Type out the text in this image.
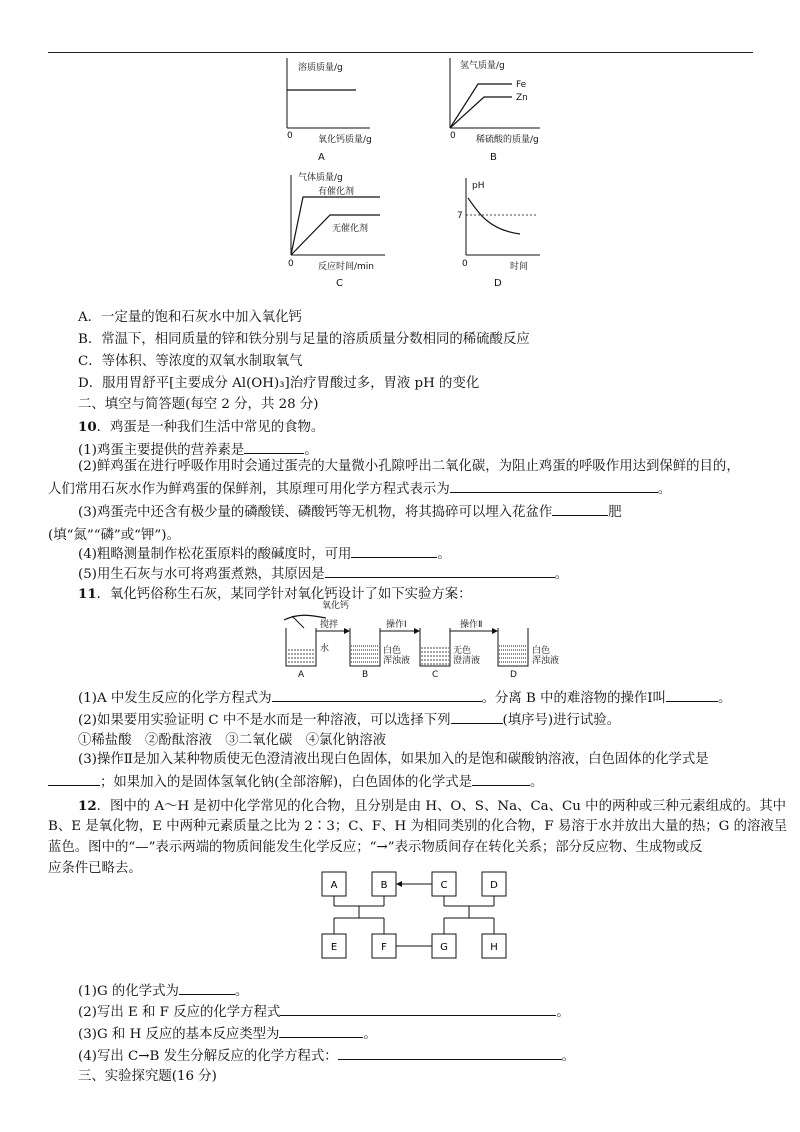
溶质质量/g
0	氧化钙质量/g
A
氢气质量/g
Fe
Zn
0 稀硫酸的质量/g
B
气体质量/g
有催化剂
无催化剂
0	反应时间/min
C
pH
7
0	时间
D
A．一定量的饱和石灰水中加入氧化钙
B．常温下，相同质量的锌和铁分别与足量的溶质质量分数相同的稀硫酸反应
C．等体积、等浓度的双氧水制取氧气
D．服用胃舒平[主要成分 Al(OH)₃]治疗胃酸过多，胃液 pH 的变化
二、填空与简答题(每空 2 分，共 28 分)
10．鸡蛋是一种我们生活中常见的食物。
(1)鸡蛋主要提供的营养素是	。
(2)鲜鸡蛋在进行呼吸作用时会通过蛋壳的大量微小孔隙呼出二氧化碳，为阻止鸡蛋的呼吸作用达到保鲜的目的，人们常用石灰水作为鲜鸡蛋的保鲜剂，其原理可用化学方程式表示为	。
(3)鸡蛋壳中还含有极少量的磷酸镁、磷酸钙等无机物，将其捣碎可以埋入花盆作	肥(填“氮”“磷”或“钾”)。
(4)粗略测量制作松花蛋原料的酸碱度时，可用	。
(5)用生石灰与水可将鸡蛋煮熟，其原因是	。
11．氧化钙俗称生石灰，某同学针对氧化钙设计了如下实验方案：
氧化钙
水
A
搅拌
白色
浑浊液
B
操作Ⅰ
无色
澄清液
C
操作Ⅱ
白色
浑浊液
D
(1)A 中发生反应的化学方程式为	。分离 B 中的难溶物的操作Ⅰ叫	。
(2)如果要用实验证明 C 中不是水而是一种溶液，可以选择下列	(填序号)进行试验。
①稀盐酸　②酚酞溶液　③二氧化碳　④氯化钠溶液
(3)操作Ⅱ是加入某种物质使无色澄清液出现白色固体，如果加入的是饱和碳酸钠溶液，白色固体的化学式是；如果加入的是固体氢氧化钠(全部溶解)，白色固体的化学式是	。
12．图中的 A～H 是初中化学常见的化合物，且分别是由 H、O、S、Na、Ca、Cu 中的两种或三种元素组成的。其中
B、E 是氧化物，E 中两种元素质量之比为 2∶3；C、F、H 为相同类别的化合物，F 易溶于水并放出大量的热；G 的溶液呈
蓝色。图中的“—”表示两端的物质间能发生化学反应；“→”表示物质间存在转化关系；部分反应物、生成物或反
应条件已略去。
A	B	C	D
E	F	G	H
(1)G 的化学式为	。
(2)写出 E 和 F 反应的化学方程式	。
(3)G 和 H 反应的基本反应类型为	。
(4)写出 C→B 发生分解反应的化学方程式：	。
三、实验探究题(16 分)
